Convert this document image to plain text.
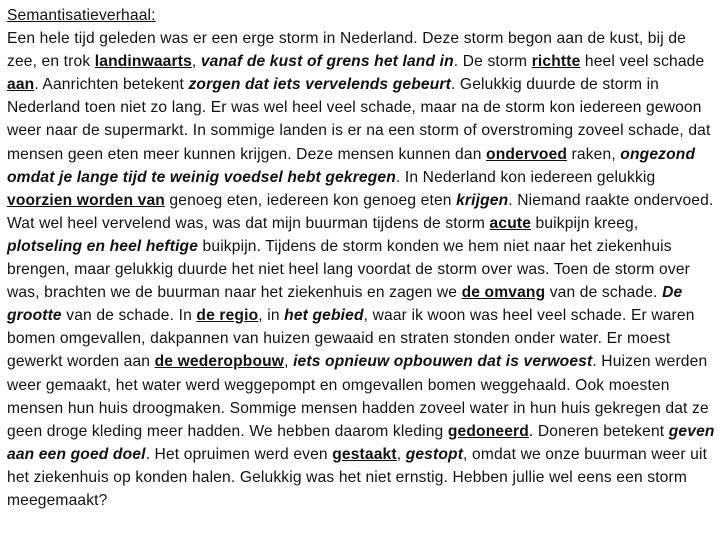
Semantisatieverhaal:

Een hele tijd geleden was er een erge storm in Nederland. Deze storm begon aan de kust, bij de zee, en trok landinwaarts, vanaf de kust of grens het land in. De storm richtte heel veel schade aan. Aanrichten betekent zorgen dat iets vervelends gebeurt. Gelukkig duurde de storm in Nederland toen niet zo lang. Er was wel heel veel schade, maar na de storm kon iedereen gewoon weer naar de supermarkt. In sommige landen is er na een storm of overstroming zoveel schade, dat mensen geen eten meer kunnen krijgen. Deze mensen kunnen dan ondervoed raken, ongezond omdat je lange tijd te weinig voedsel hebt gekregen. In Nederland kon iedereen gelukkig voorzien worden van genoeg eten, iedereen kon genoeg eten krijgen. Niemand raakte ondervoed. Wat wel heel vervelend was, was dat mijn buurman tijdens de storm acute buikpijn kreeg, plotseling en heel heftige buikpijn. Tijdens de storm konden we hem niet naar het ziekenhuis brengen, maar gelukkig duurde het niet heel lang voordat de storm over was. Toen de storm over was, brachten we de buurman naar het ziekenhuis en zagen we de omvang van de schade. De grootte van de schade. In de regio, in het gebied, waar ik woon was heel veel schade. Er waren bomen omgevallen, dakpannen van huizen gewaaid en straten stonden onder water. Er moest gewerkt worden aan de wederopbouw, iets opnieuw opbouwen dat is verwoest. Huizen werden weer gemaakt, het water werd weggepompt en omgevallen bomen weggehaald. Ook moesten mensen hun huis droogmaken. Sommige mensen hadden zoveel water in hun huis gekregen dat ze geen droge kleding meer hadden. We hebben daarom kleding gedoneerd. Doneren betekent geven aan een goed doel. Het opruimen werd even gestaakt, gestopt, omdat we onze buurman weer uit het ziekenhuis op konden halen. Gelukkig was het niet ernstig. Hebben jullie wel eens een storm meegemaakt?
